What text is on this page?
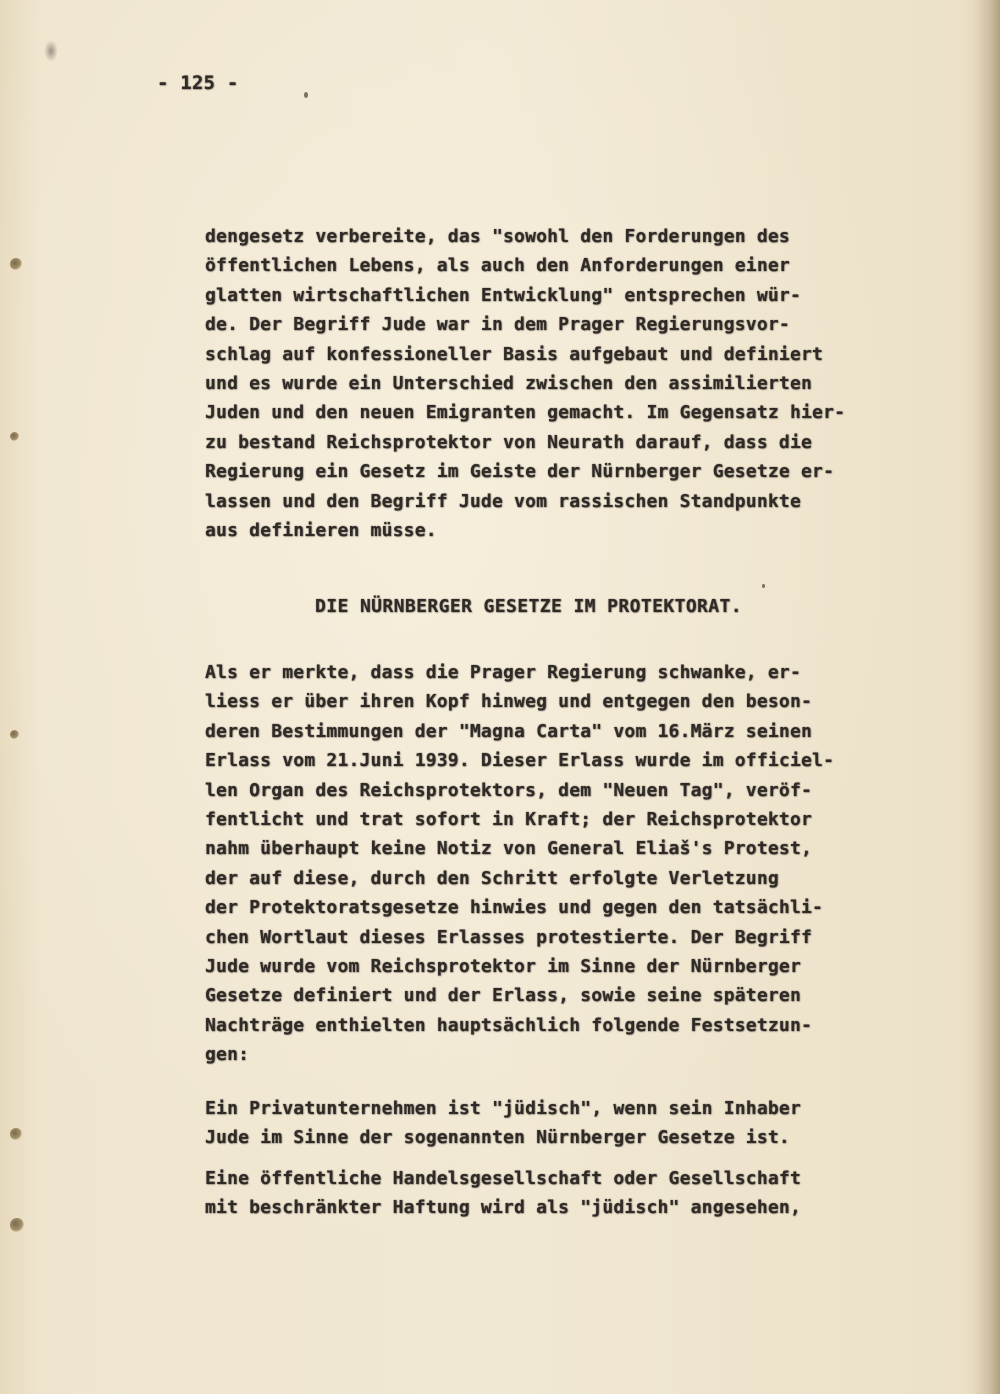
- 125 -
dengesetz verbereite, das "sowohl den Forderungen des
öffentlichen Lebens, als auch den Anforderungen einer
glatten wirtschaftlichen Entwicklung" entsprechen wür-
de. Der Begriff Jude war in dem Prager Regierungsvor-
schlag auf konfessioneller Basis aufgebaut und definiert
und es wurde ein Unterschied zwischen den assimilierten
Juden und den neuen Emigranten gemacht. Im Gegensatz hier-
zu bestand Reichsprotektor von Neurath darauf, dass die
Regierung ein Gesetz im Geiste der Nürnberger Gesetze er-
lassen und den Begriff Jude vom rassischen Standpunkte
aus definieren müsse.
DIE NÜRNBERGER GESETZE IM PROTEKTORAT.
Als er merkte, dass die Prager Regierung schwanke, er-
liess er über ihren Kopf hinweg und entgegen den beson-
deren Bestimmungen der "Magna Carta" vom 16.März seinen
Erlass vom 21.Juni 1939. Dieser Erlass wurde im officiel-
len Organ des Reichsprotektors, dem "Neuen Tag", veröf-
fentlicht und trat sofort in Kraft; der Reichsprotektor
nahm überhaupt keine Notiz von General Eliaš's Protest,
der auf diese, durch den Schritt erfolgte Verletzung
der Protektoratsgesetze hinwies und gegen den tatsächli-
chen Wortlaut dieses Erlasses protestierte. Der Begriff
Jude wurde vom Reichsprotektor im Sinne der Nürnberger
Gesetze definiert und der Erlass, sowie seine späteren
Nachträge enthielten hauptsächlich folgende Festsetzun-
gen:
Ein Privatunternehmen ist "jüdisch", wenn sein Inhaber
Jude im Sinne der sogenannten Nürnberger Gesetze ist.
Eine öffentliche Handelsgesellschaft oder Gesellschaft
mit beschränkter Haftung wird als "jüdisch" angesehen,
